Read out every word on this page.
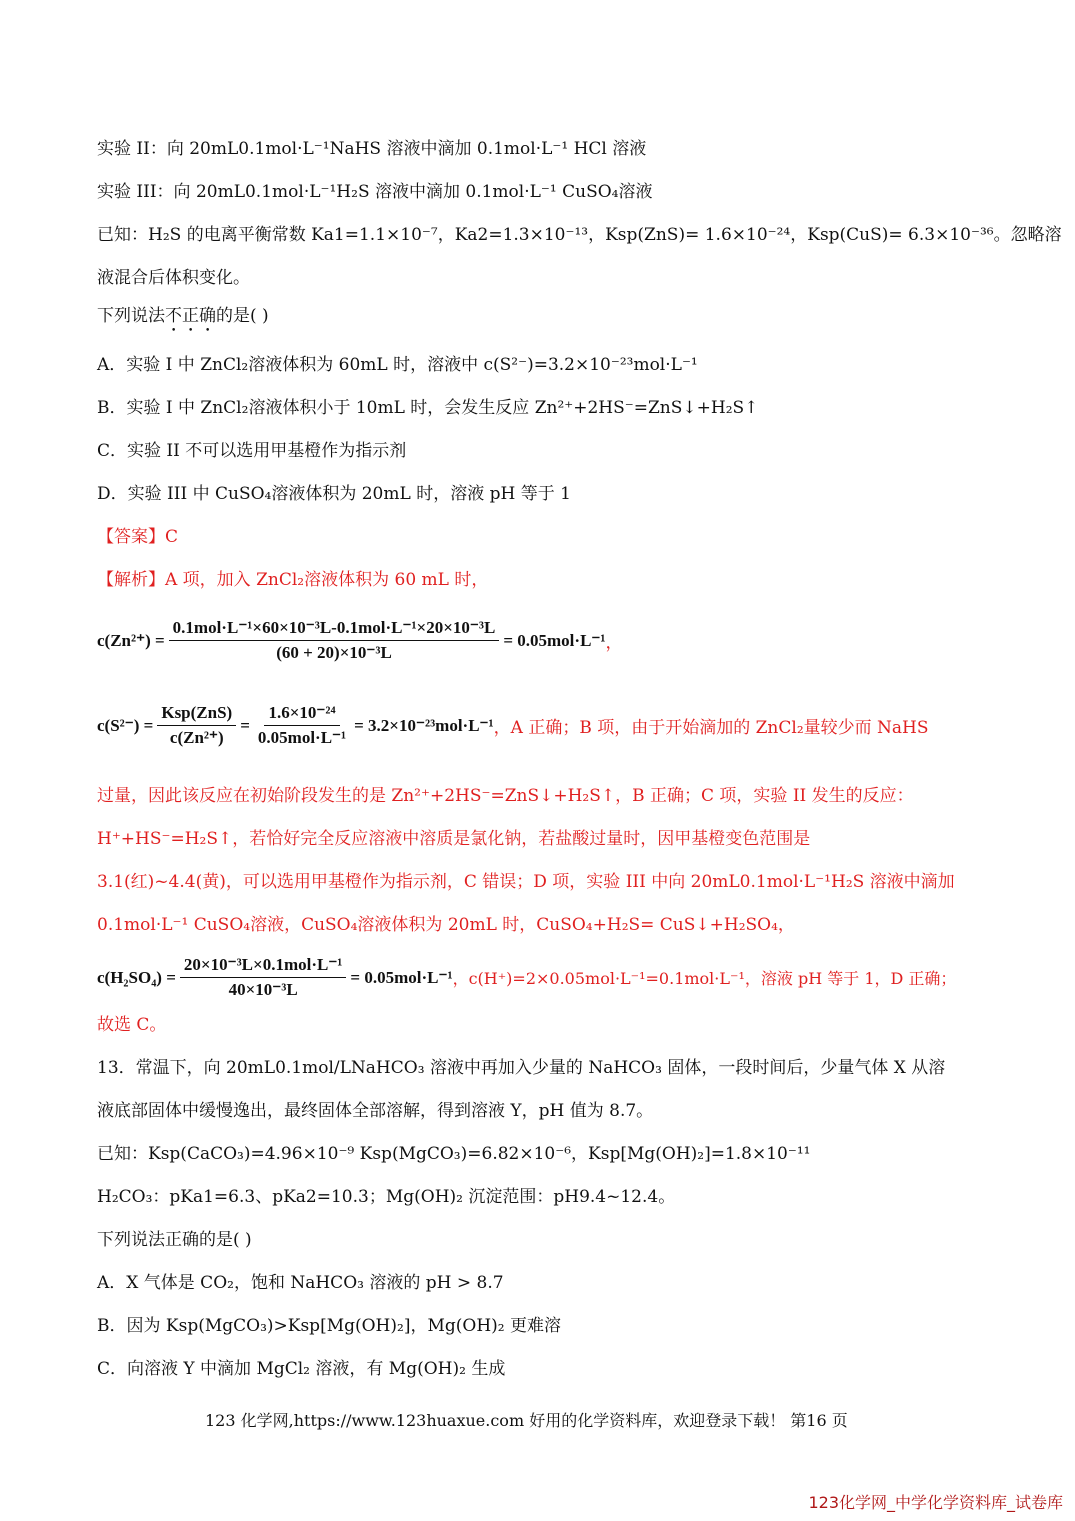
实验 II：向 20mL0.1mol·L⁻¹NaHS 溶液中滴加 0.1mol·L⁻¹ HCl 溶液
实验 III：向 20mL0.1mol·L⁻¹H₂S 溶液中滴加 0.1mol·L⁻¹ CuSO₄溶液
已知：H₂S 的电离平衡常数 Ka1=1.1×10⁻⁷，Ka2=1.3×10⁻¹³，Ksp(ZnS)= 1.6×10⁻²⁴，Ksp(CuS)= 6.3×10⁻³⁶。忽略溶
液混合后体积变化。
下列说法不正确的是( )
A．实验 I 中 ZnCl₂溶液体积为 60mL 时，溶液中 c(S²⁻)=3.2×10⁻²³mol·L⁻¹
B．实验 I 中 ZnCl₂溶液体积小于 10mL 时，会发生反应 Zn²⁺+2HS⁻=ZnS↓+H₂S↑
C．实验 II 不可以选用甲基橙作为指示剂
D．实验 III 中 CuSO₄溶液体积为 20mL 时，溶液 pH 等于 1
【答案】C
【解析】A 项，加入 ZnCl₂溶液体积为 60 mL 时，
$c(Zn^{2+}) = \frac{\text{0.1mol·L⁻¹×60×10⁻³L-0.1mol·L⁻¹×20×10⁻³L}}{\text{(60 + 20)×10⁻³L}} = 0.05mol\cdot L^{-1}$ ，
$c(S^{2-}) = \frac{\text{Ksp(ZnS)}}{\text{c(Zn²⁺)}} = \frac{\text{1.6×10⁻²⁴}}{\text{0.05mol·L⁻¹}} = 3.2\times 10^{-23}mol\cdot L^{-1}$ ，A 正确；B 项，由于开始滴加的 ZnCl₂量较少而 NaHS
过量，因此该反应在初始阶段发生的是 Zn²⁺+2HS⁻=ZnS↓+H₂S↑，B 正确；C 项，实验 II 发生的反应：
H⁺+HS⁻=H₂S↑，若恰好完全反应溶液中溶质是氯化钠，若盐酸过量时，因甲基橙变色范围是
3.1(红)~4.4(黄)，可以选用甲基橙作为指示剂，C 错误；D 项，实验 III 中向 20mL0.1mol·L⁻¹H₂S 溶液中滴加
0.1mol·L⁻¹ CuSO₄溶液，CuSO₄溶液体积为 20mL 时，CuSO₄+H₂S= CuS↓+H₂SO₄，
$c(H_2SO_4) = \frac{\text{20×10⁻³L×0.1mol·L⁻¹}}{\text{40×10⁻³L}} = 0.05mol\cdot L^{-1}$ ，c(H⁺)=2×0.05mol·L⁻¹=0.1mol·L⁻¹，溶液 pH 等于 1，D 正确；
故选 C。
13．常温下，向 20mL0.1mol/LNaHCO₃ 溶液中再加入少量的 NaHCO₃ 固体，一段时间后，少量气体 X 从溶
液底部固体中缓慢逸出，最终固体全部溶解，得到溶液 Y，pH 值为 8.7。
已知：Ksp(CaCO₃)=4.96×10⁻⁹ Ksp(MgCO₃)=6.82×10⁻⁶，Ksp[Mg(OH)₂]=1.8×10⁻¹¹
H₂CO₃：pKa1=6.3、pKa2=10.3；Mg(OH)₂ 沉淀范围：pH9.4~12.4。
下列说法正确的是( )
A．X 气体是 CO₂，饱和 NaHCO₃ 溶液的 pH > 8.7
B．因为 Ksp(MgCO₃)>Ksp[Mg(OH)₂]，Mg(OH)₂ 更难溶
C．向溶液 Y 中滴加 MgCl₂ 溶液，有 Mg(OH)₂ 生成
123 化学网,https://www.123huaxue.com 好用的化学资料库，欢迎登录下载！ 第16 页
123化学网_中学化学资料库_试卷库
